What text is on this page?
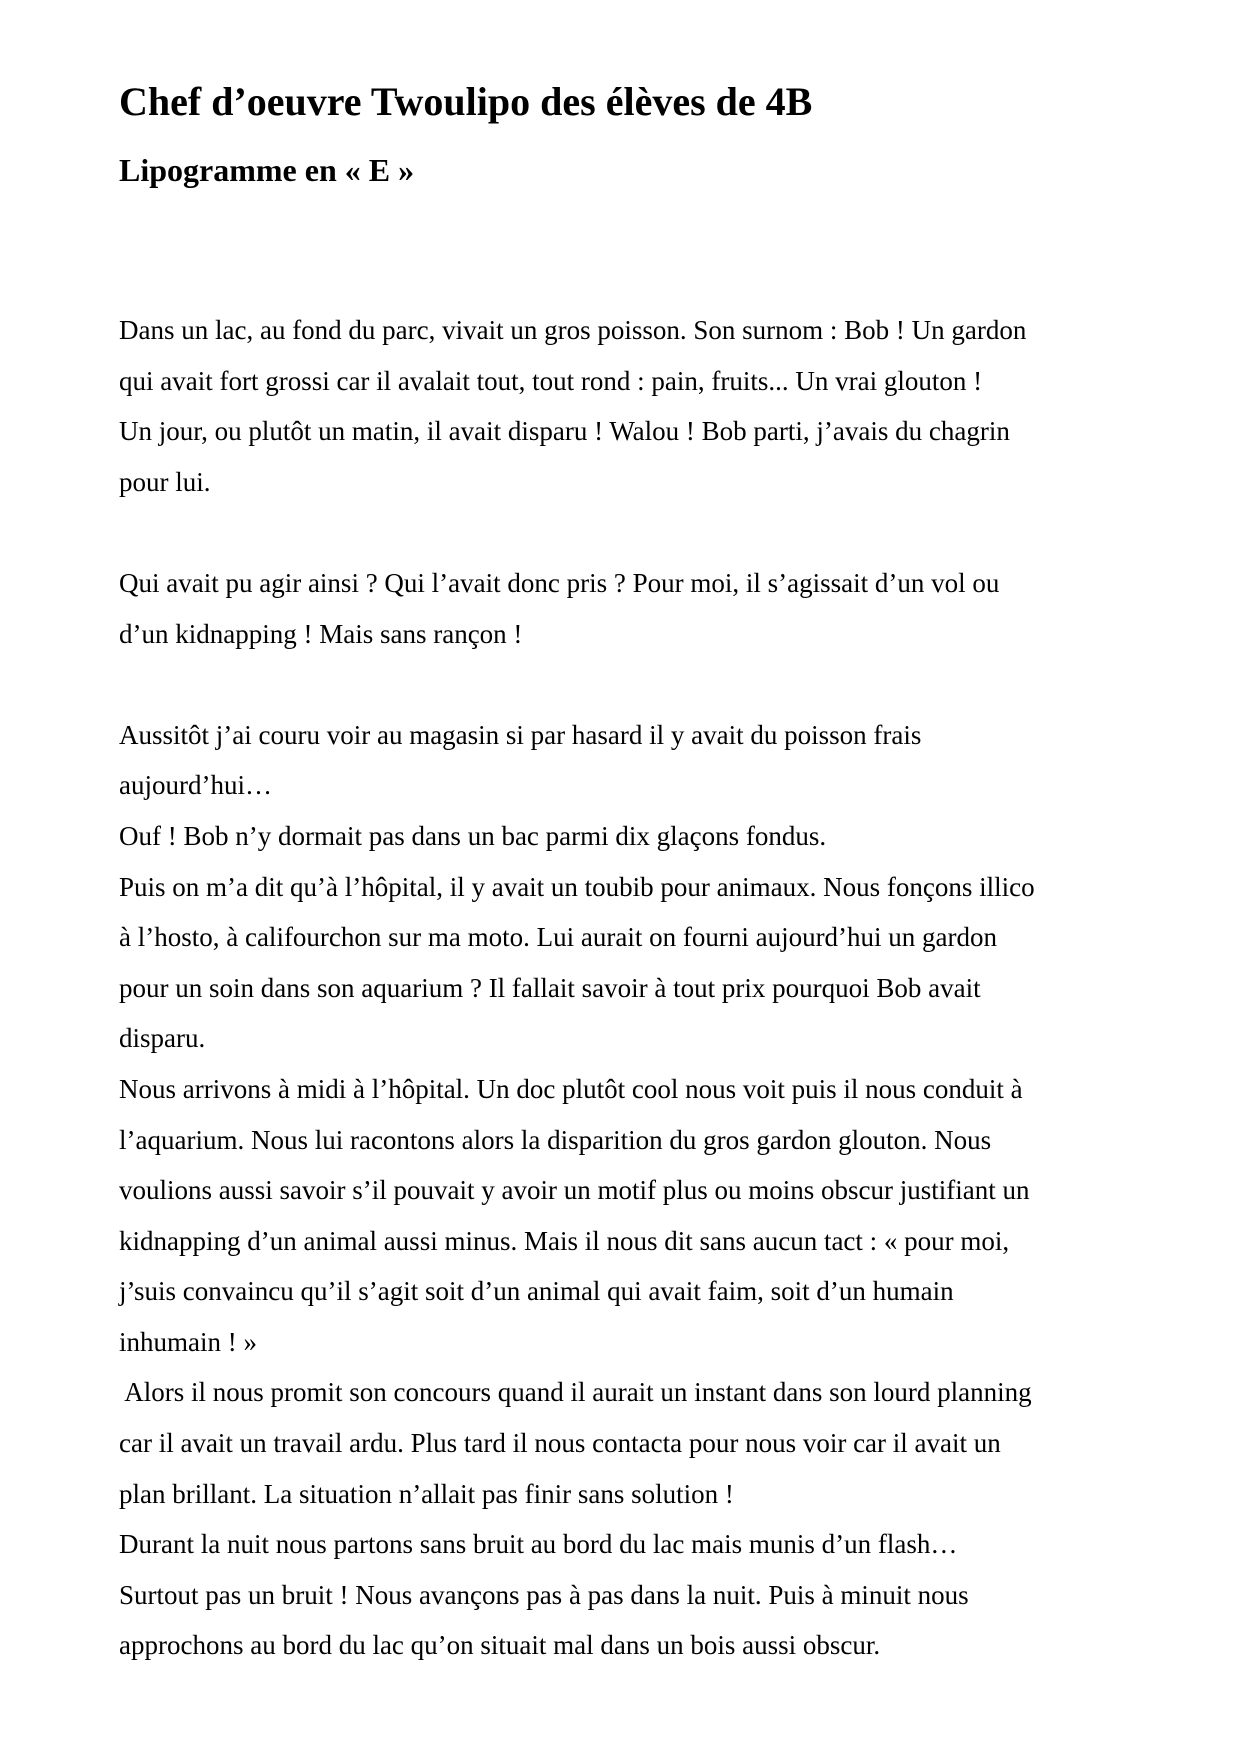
Chef d’oeuvre Twoulipo des élèves de 4B
Lipogramme en « E »
Dans un lac, au fond du parc, vivait un gros poisson. Son surnom : Bob ! Un gardon
qui avait fort grossi car il avalait tout, tout rond : pain, fruits... Un vrai glouton !
Un jour, ou plutôt un matin, il avait disparu ! Walou ! Bob parti, j’avais du chagrin
pour lui.
Qui avait pu agir ainsi ? Qui l’avait donc pris ? Pour moi, il s’agissait d’un vol ou
d’un kidnapping ! Mais sans rançon !
Aussitôt j’ai couru voir au magasin si par hasard il y avait du poisson frais
aujourd’hui…
Ouf ! Bob n’y dormait pas dans un bac parmi dix glaçons fondus.
Puis on m’a dit qu’à l’hôpital, il y avait un toubib pour animaux. Nous fonçons illico
à l’hosto, à califourchon sur ma moto. Lui aurait on fourni aujourd’hui un gardon
pour un soin dans son aquarium ? Il fallait savoir à tout prix pourquoi Bob avait
disparu.
Nous arrivons à midi à l’hôpital. Un doc plutôt cool nous voit puis il nous conduit à
l’aquarium. Nous lui racontons alors la disparition du gros gardon glouton. Nous
voulions aussi savoir s’il pouvait y avoir un motif plus ou moins obscur justifiant un
kidnapping d’un animal aussi minus. Mais il nous dit sans aucun tact : « pour moi,
j’suis convaincu qu’il s’agit soit d’un animal qui avait faim, soit d’un humain
inhumain ! »
Alors il nous promit son concours quand il aurait un instant dans son lourd planning
car il avait un travail ardu. Plus tard il nous contacta pour nous voir car il avait un
plan brillant. La situation n’allait pas finir sans solution !
Durant la nuit nous partons sans bruit au bord du lac mais munis d’un flash…
Surtout pas un bruit ! Nous avançons pas à pas dans la nuit. Puis à minuit nous
approchons au bord du lac qu’on situait mal dans un bois aussi obscur.
